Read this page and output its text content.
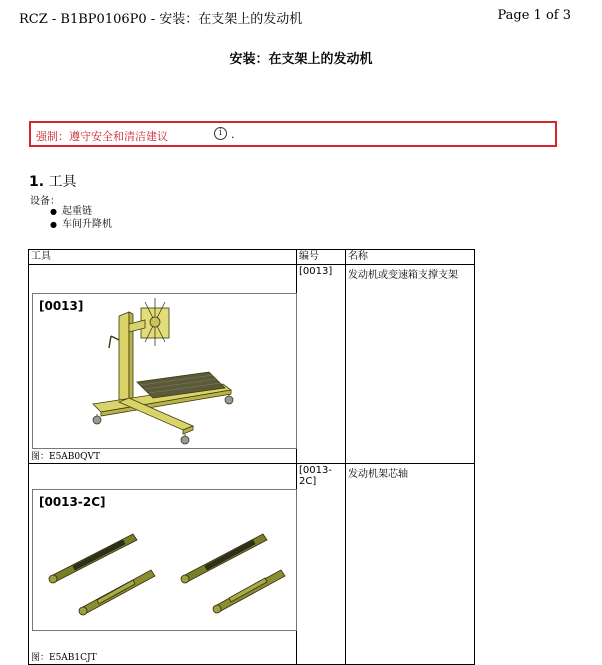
RCZ - B1BP0106P0 - 安装：在支架上的发动机	Page 1 of 3
安装：在支架上的发动机
强制：遵守安全和清洁建议	i .
1. 工具
设备：
● 起重链
● 车间升降机
工具	编号	名称

[0013]
图：E5AB0QVT	[0013]	发动机或变速箱支撑支架

[0013-2C]
图：E5AB1CJT	[0013-2C]	发动机架芯轴
